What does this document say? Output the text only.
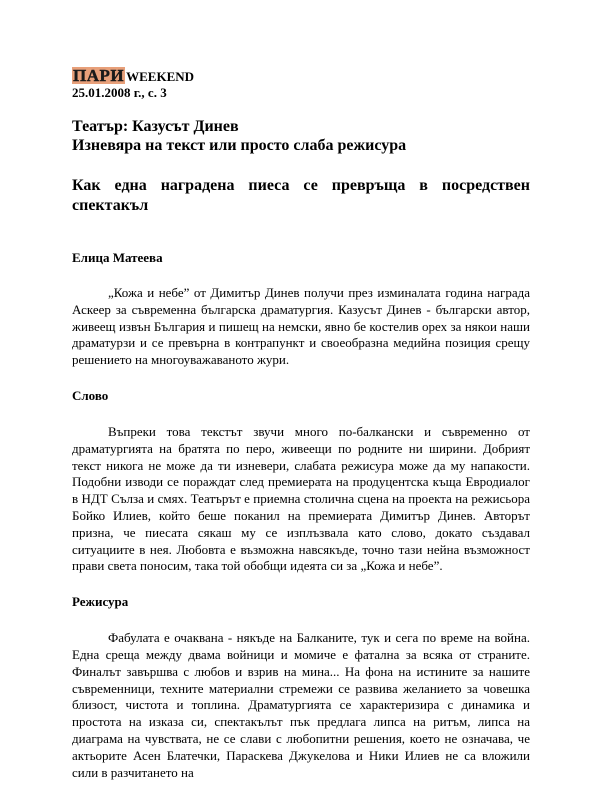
ПАРИ WEEKEND
25.01.2008 г., с. 3
Театър: Казусът Динев
Изневяра на текст или просто слаба режисура
Как една наградена пиеса се превръща в посредствен спектакъл
Елица Матеева

„Кожа и небе” от Димитър Динев получи през изминалата година награда Аскеер за съвременна българска драматургия. Казусът Динев - български автор, живеещ извън България и пишещ на немски, явно бе костелив орех за някои наши драматурзи и се превърна в контрапункт и своеобразна медийна позиция срещу решението на многоуважаваното жури.

Слово

Въпреки това текстът звучи много по-балкански и съвременно от драматургията на братята по перо, живеещи по родните ни ширини. Добрият текст никога не може да ти изневери, слабата режисура може да му напакости. Подобни изводи се пораждат след премиерата на продуцентска къща Евродиалог в НДТ Сълза и смях. Театърът е приемна столична сцена на проекта на режисьора Бойко Илиев, който беше поканил на премиерата Димитър Динев. Авторът призна, че пиесата сякаш му се изплъзвала като слово, докато създавал ситуациите в нея. Любовта е възможна навсякъде, точно тази нейна възможност прави света поносим, така той обобщи идеята си за „Кожа и небе”.

Режисура

Фабулата е очаквана - някъде на Балканите, тук и сега по време на война. Една среща между двама войници и момиче е фатална за всяка от страните. Финалът завършва с любов и взрив на мина... На фона на истините за нашите съвременници, техните материални стремежи се развива желанието за човешка близост, чистота и топлина. Драматургията се характеризира с динамика и простота на изказа си, спектакълът пък предлага липса на ритъм, липса на диаграма на чувствата, не се слави с любопитни решения, което не означава, че актьорите Асен Блатечки, Параскева Джукелова и Ники Илиев не са вложили сили в разчитането на
